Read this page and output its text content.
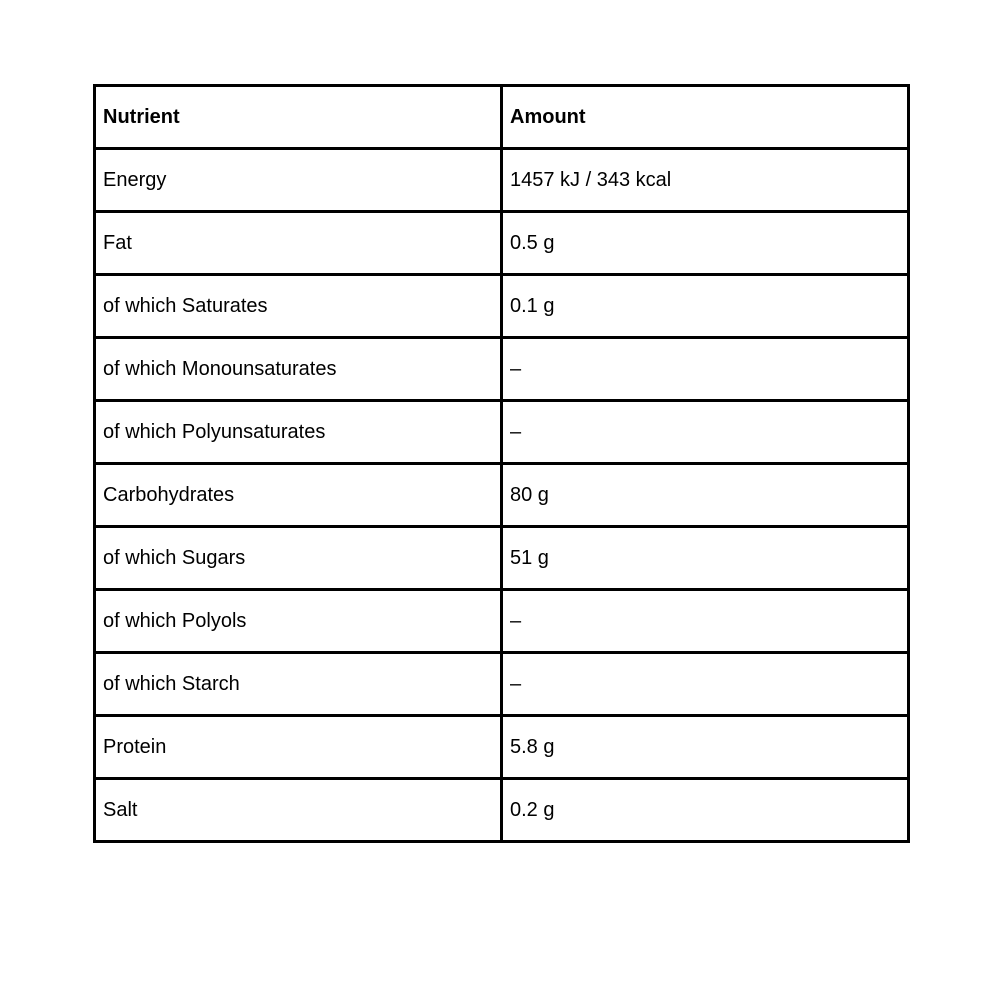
Nutrient	Amount
Energy	1457 kJ / 343 kcal
Fat	0.5 g
of which Saturates	0.1 g
of which Monounsaturates	–
of which Polyunsaturates	–
Carbohydrates	80 g
of which Sugars	51 g
of which Polyols	–
of which Starch	–
Protein	5.8 g
Salt	0.2 g
